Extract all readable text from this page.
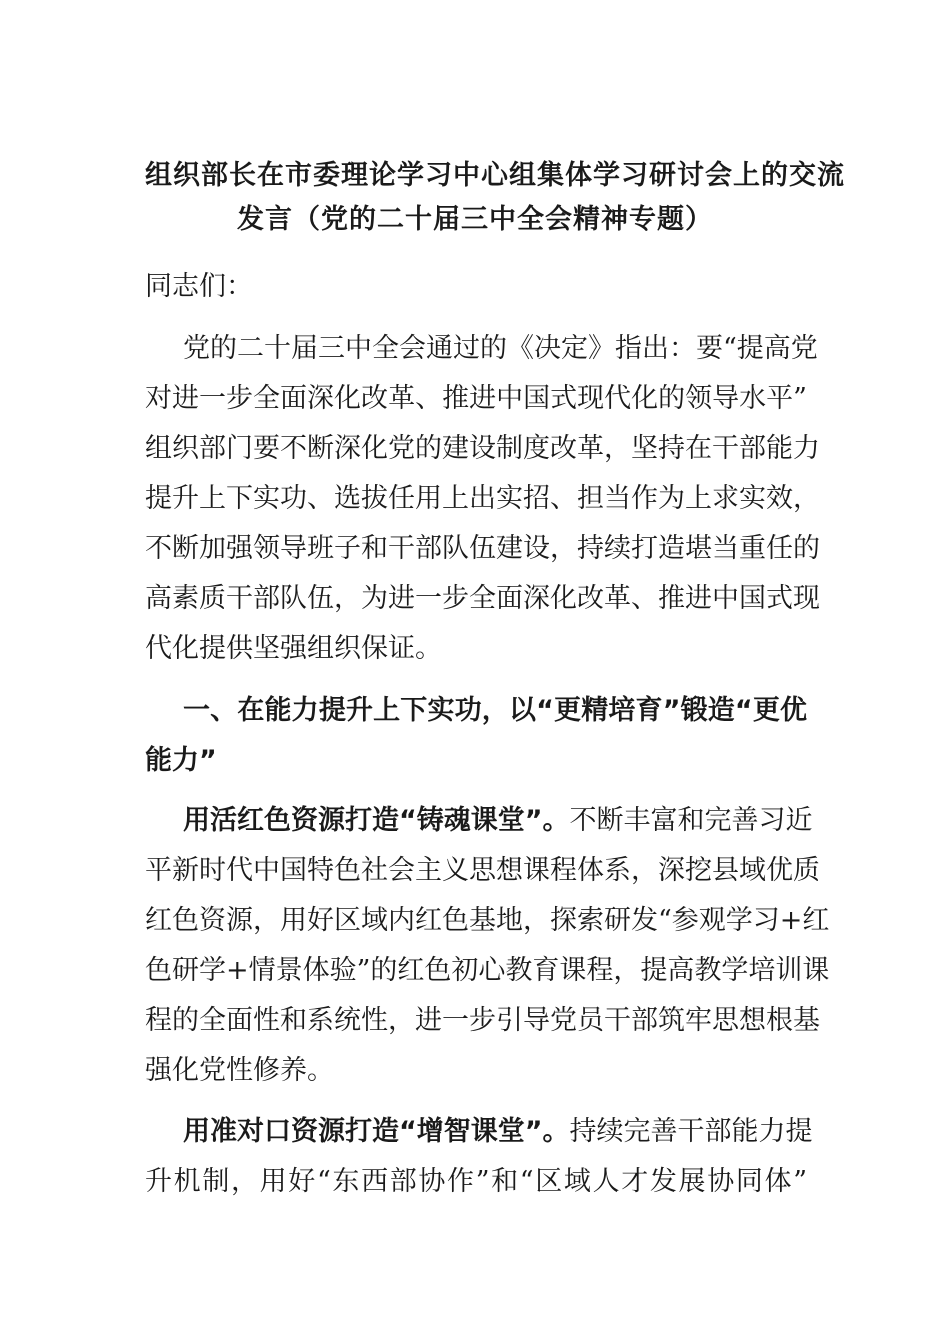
组织部长在市委理论学习中心组集体学习研讨会上的交流
发言（党的二十届三中全会精神专题）

同志们：

党的二十届三中全会通过的《决定》指出：要“提高党
对进一步全面深化改革、推进中国式现代化的领导水平”
组织部门要不断深化党的建设制度改革，坚持在干部能力
提升上下实功、选拔任用上出实招、担当作为上求实效，
不断加强领导班子和干部队伍建设，持续打造堪当重任的
高素质干部队伍，为进一步全面深化改革、推进中国式现
代化提供坚强组织保证。

一、在能力提升上下实功，以“更精培育”锻造“更优
能力”

用活红色资源打造“铸魂课堂”。不断丰富和完善习近
平新时代中国特色社会主义思想课程体系，深挖县域优质
红色资源，用好区域内红色基地，探索研发“参观学习+红
色研学+情景体验”的红色初心教育课程，提高教学培训课
程的全面性和系统性，进一步引导党员干部筑牢思想根基
强化党性修养。

用准对口资源打造“增智课堂”。持续完善干部能力提
升机制，用好“东西部协作”和“区域人才发展协同体”
